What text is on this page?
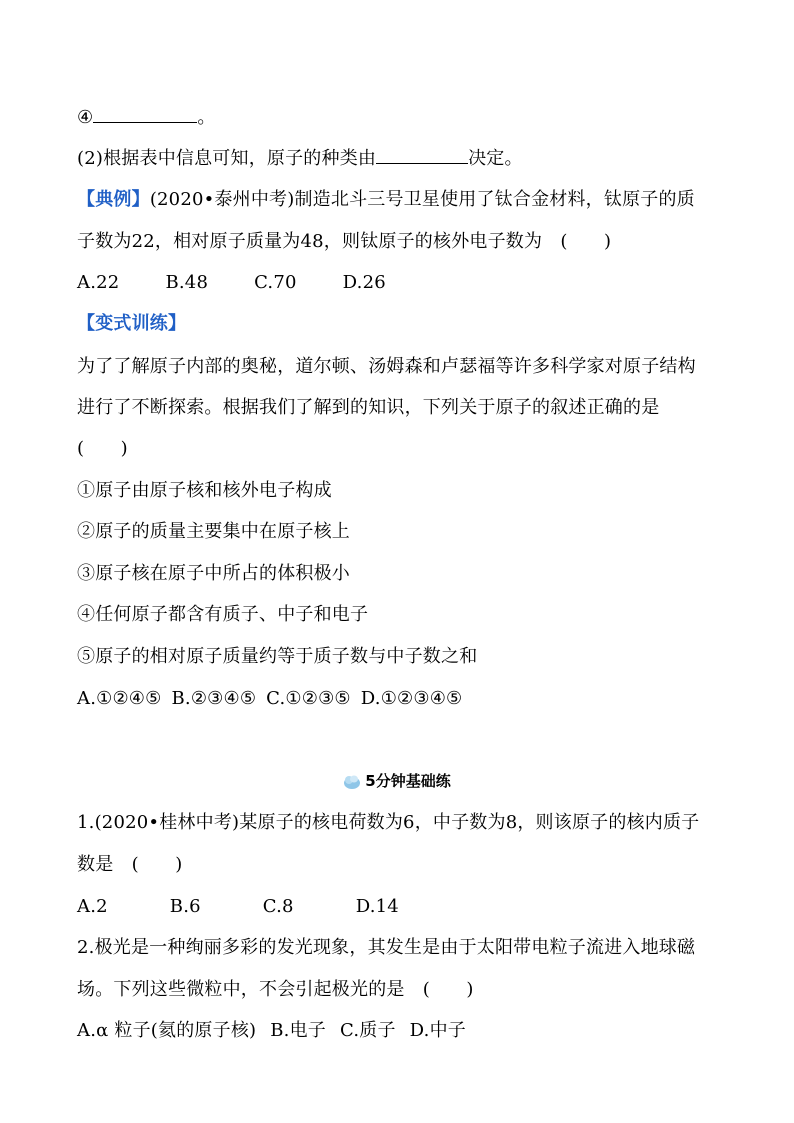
④	。
(2)根据表中信息可知，原子的种类由	决定。
【典例】(2020•泰州中考)制造北斗三号卫星使用了钛合金材料，钛原子的质
子数为22，相对原子质量为48，则钛原子的核外电子数为　(　　)
A.22	B.48	C.70	D.26
【变式训练】
为了了解原子内部的奥秘，道尔顿、汤姆森和卢瑟福等许多科学家对原子结构
进行了不断探索。根据我们了解到的知识，下列关于原子的叙述正确的是
(　　)
①原子由原子核和核外电子构成
②原子的质量主要集中在原子核上
③原子核在原子中所占的体积极小
④任何原子都含有质子、中子和电子
⑤原子的相对原子质量约等于质子数与中子数之和
A.①②④⑤ B.②③④⑤ C.①②③⑤ D.①②③④⑤
5分钟基础练
1.(2020•桂林中考)某原子的核电荷数为6，中子数为8，则该原子的核内质子
数是　(　　)
A.2	B.6	C.8	D.14
2.极光是一种绚丽多彩的发光现象，其发生是由于太阳带电粒子流进入地球磁
场。下列这些微粒中，不会引起极光的是　(　　)
A.α 粒子(氦的原子核) B.电子 C.质子 D.中子
